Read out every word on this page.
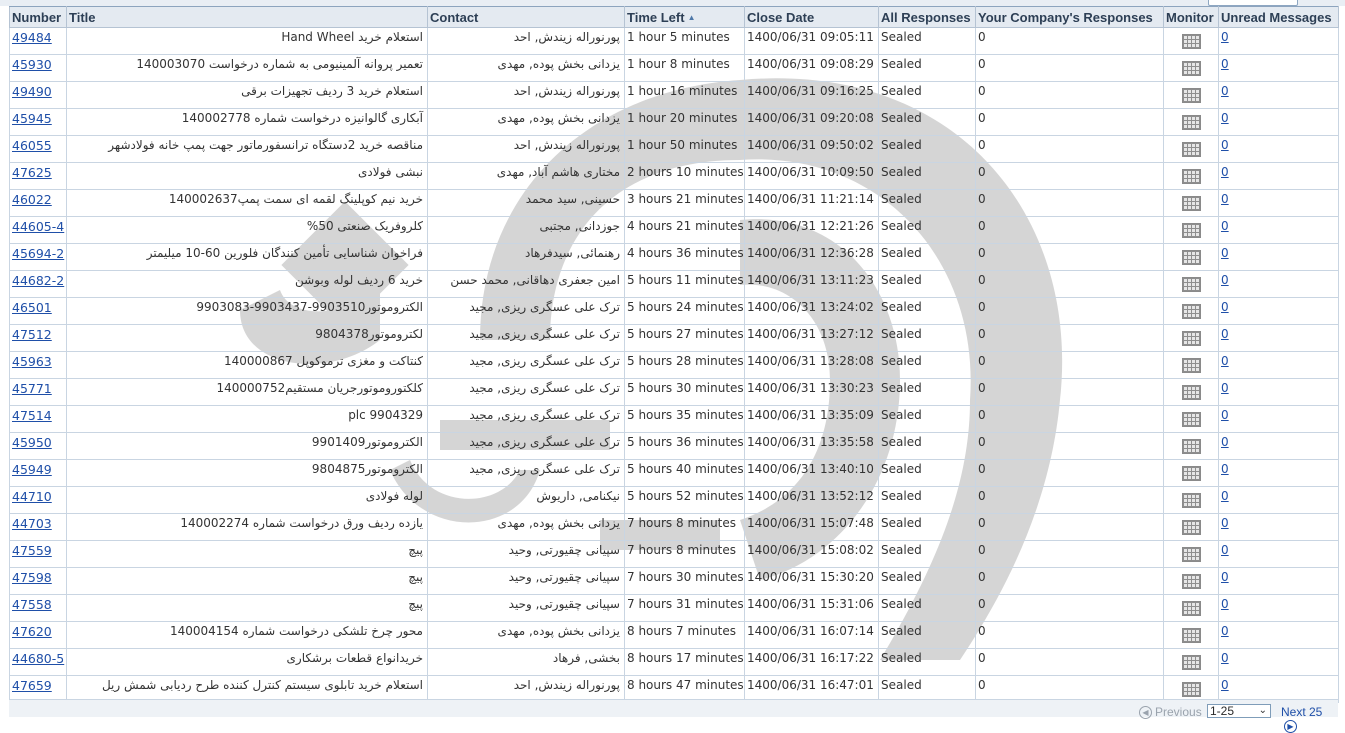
Number	Title	Contact	Time Left ▲	Close Date	All Responses	Your Company's Responses	Monitor	Unread Messages
49484	استعلام خرید Hand Wheel	پورنوراله زیندش, احد	1 hour 5 minutes	1400/06/31 09:05:11	Sealed	0		0
45930	تعمیر پروانه آلمینیومی به شماره درخواست 140003070	یزدانی بخش پوده, مهدی	1 hour 8 minutes	1400/06/31 09:08:29	Sealed	0		0
49490	استعلام خرید 3 ردیف تجهیزات برقی	پورنوراله زیندش, احد	1 hour 16 minutes	1400/06/31 09:16:25	Sealed	0		0
45945	آبکاری گالوانیزه درخواست شماره 140002778	یزدانی بخش پوده, مهدی	1 hour 20 minutes	1400/06/31 09:20:08	Sealed	0		0
46055	مناقصه خرید 2دستگاه ترانسفورماتور جهت پمپ خانه فولادشهر	پورنوراله زیندش, احد	1 hour 50 minutes	1400/06/31 09:50:02	Sealed	0		0
47625	نبشی فولادی	مختاری هاشم آباد, مهدی	2 hours 10 minutes	1400/06/31 10:09:50	Sealed	0		0
46022	خرید نیم کوپلینگ لقمه ای سمت پمپ140002637	حسینی, سید محمد	3 hours 21 minutes	1400/06/31 11:21:14	Sealed	0		0
44605-4	کلروفریک صنعتی 50%	جوزدانی, مجتبی	4 hours 21 minutes	1400/06/31 12:21:26	Sealed	0		0
45694-2	فراخوان شناسایی تأمین کنندگان فلورین 60-10 میلیمتر	رهنمائی, سیدفرهاد	4 hours 36 minutes	1400/06/31 12:36:28	Sealed	0		0
44682-2	خرید 6 ردیف لوله وبوشن	امین جعفری دهاقانی, محمد حسن	5 hours 11 minutes	1400/06/31 13:11:23	Sealed	0		0
46501	الکتروموتور9903510-9903437-9903083	ترک علی عسگری ریزی, مجید	5 hours 24 minutes	1400/06/31 13:24:02	Sealed	0		0
47512	لکتروموتور9804378	ترک علی عسگری ریزی, مجید	5 hours 27 minutes	1400/06/31 13:27:12	Sealed	0		0
45963	کنتاکت و مغزی ترموکوپل 140000867	ترک علی عسگری ریزی, مجید	5 hours 28 minutes	1400/06/31 13:28:08	Sealed	0		0
45771	کلکتوروموتورجریان مستقیم140000752	ترک علی عسگری ریزی, مجید	5 hours 30 minutes	1400/06/31 13:30:23	Sealed	0		0
47514	plc 9904329	ترک علی عسگری ریزی, مجید	5 hours 35 minutes	1400/06/31 13:35:09	Sealed	0		0
45950	الکتروموتور9901409	ترک علی عسگری ریزی, مجید	5 hours 36 minutes	1400/06/31 13:35:58	Sealed	0		0
45949	الکتروموتور9804875	ترک علی عسگری ریزی, مجید	5 hours 40 minutes	1400/06/31 13:40:10	Sealed	0		0
44710	لوله فولادی	نیکنامی, داریوش	5 hours 52 minutes	1400/06/31 13:52:12	Sealed	0		0
44703	یازده ردیف ورق درخواست شماره 140002274	یزدانی بخش پوده, مهدی	7 hours 8 minutes	1400/06/31 15:07:48	Sealed	0		0
47559	پیچ	سپیانی چقیورتی, وحید	7 hours 8 minutes	1400/06/31 15:08:02	Sealed	0		0
47598	پیچ	سپیانی چقیورتی, وحید	7 hours 30 minutes	1400/06/31 15:30:20	Sealed	0		0
47558	پیچ	سپیانی چقیورتی, وحید	7 hours 31 minutes	1400/06/31 15:31:06	Sealed	0		0
47620	محور چرخ تلشکی درخواست شماره 140004154	یزدانی بخش پوده, مهدی	8 hours 7 minutes	1400/06/31 16:07:14	Sealed	0		0
44680-5	خریدانواع قطعات برشکاری	بخشی, فرهاد	8 hours 17 minutes	1400/06/31 16:17:22	Sealed	0		0
47659	استعلام خرید تابلوی سیستم کنترل کننده طرح ردیابی شمش ریل	پورنوراله زیندش, احد	8 hours 47 minutes	1400/06/31 16:47:01	Sealed	0		0
◀ Previous 1-25 ⌄ Next 25▶
